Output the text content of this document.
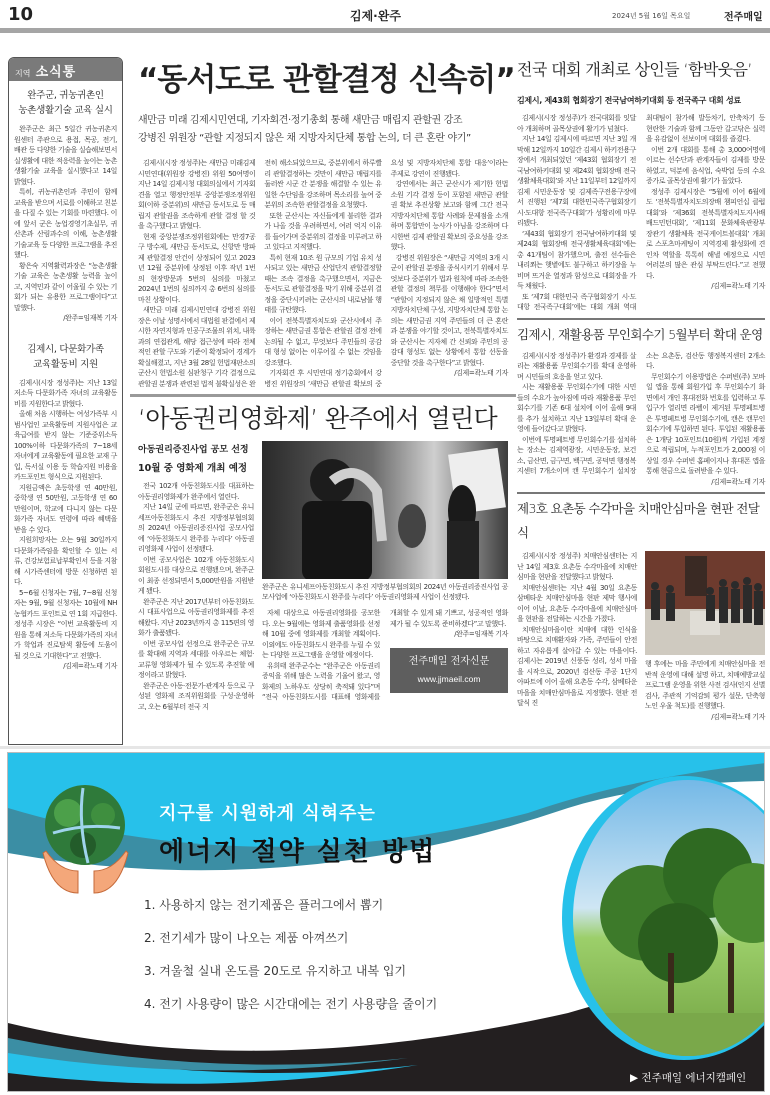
10	김제·완주	2024년 5월 16일 목요일	전주매일
지역 소식통
완주군, 귀농귀촌인
농촌생활기술 교육 실시

완주군은 최근 5일간 귀농귀촌지원센터 주관으로 용접, 목공, 전기, 배관 등 다양한 기술을 실습해보면서 실생활에 대한 적응력을 높이는 농촌생활기술 교육을 실시했다고 14일 밝혔다.

특히, 귀농귀촌인과 주민이 함께 교육을 받으며 서로를 이해하고 친분을 다질 수 있는 기회를 마련했다. 이에 앞서 군은 농업경영기초실무, 귀산촌과 산림과수의 이해, 농촌생활 기술교육 등 다양한 프로그램을 추진했다.

황은숙 지역활력과장은 “농촌생활기술 교육은 농촌생활 능력을 높이고, 지역민과 같이 어울릴 수 있는 기회가 되는 유용한 프로그램이다”고 말했다.

/완주=임재복 기자
김제시, 다문화가족
교육활동비 지원

김제시(시장 정성주)는 지난 13일 저소득 다문화가족 자녀의 교육활동비를 지원한다고 밝혔다.

올해 처음 시행하는 여성가족부 시범사업인 교육활동비 지원사업은 교육급여를 받지 않는 기준중위소득 100%이하 다문화가족의 7~18세 자녀에게 교육활동에 필요한 교재 구입, 독서실 이용 등 학습지원 비용을 카드포인트 형식으로 지원된다.

지원금액은 초등학생 연 40만원, 중학생 연 50만원, 고등학생 연 60만원이며, 학교에 다니지 않는 다문화가족 자녀도 연령에 따라 혜택을 받을 수 있다.

지원희망자는 오는 9월 30일까지 다문화가족임을 확인할 수 있는 서류, 건강보험료납부확인서 등을 지참해 시가족센터에 방문 신청하면 된다.

5~6월 신청자는 7월, 7~8월 신청자는 9월, 9월 신청자는 10월에 NH농협카드 포인트로 연 1회 지급한다. 정성주 시장은 “이번 교육활동비 지원을 통해 저소득 다문화가족의 자녀가 학업과 진로탐색 활동에 도움이 될 것으로 기대한다”고 전했다.

/김제=곽노태 기자
“동서도로 관할결정 신속히”
새만금 미래 김제시민연대, 기자회견·정기총회 통해 새만금 매립지 관할권 강조
강병진 위원장 “관할 지정되지 않은 채 지방자치단체 통합 논의, 더 큰 혼란 야기”

김제시(시장 정성주)는 새만금 미래김제시민연대(위원장 강병진) 위원 50여명이 지난 14일 김제시청 대회의실에서 기자회견을 열고 행정안전부 중앙분쟁조정위원회(이하 중분위)의 새만금 동서도로 등 매립지 관할권을 조속하게 관할 결정 할 것을 촉구했다고 밝혔다.

현재 중앙분쟁조정위원회에는 만경7공구 방수제, 새만금 동서도로, 신항만 방파제 관할결정 안건이 상정되어 있고 2023년 12월 중분위에 상정된 이후 작년 1번의 현장방문과 5번의 심의를 마쳤고 2024년 1번의 심의까지 총 6번의 심의를 마친 상황이다.

새만금 미래 김제시민연대 강병진 위원장은 이날 성명서에서 대법원 판결에서 제시한 자연지형과 인공구조물의 위치, 내륙과의 연접관계, 해당 접근성에 따라 전체적인 관할 구도와 기준이 확정되어 경계가 확실해졌고, 지난 3월 28일 헌법재판소의 군산시 헌법소원 심판청구 기각 결정으로 관할권 분쟁과 관련된 법적 불확실성은 완전히 해소되었으므로, 중분위에서 하루빨리 관할결정하는 것만이 새만금 매립지를 둘러싼 시군 간 분쟁을 해결할 수 있는 유일한 수단임을 강조하며 목소리를 높여 중분위의 조속한 관할결정을 요청했다.

또한 군산시는 자신들에게 불리한 결과가 나올 것을 우려하면서, 여러 억지 이유를 들어가며 중분위의 결정을 미루려고 하고 있다고 지적했다.

특히 현재 10조 원 규모의 기업 유치 성사되고 있는 새만금 산업단지 관할결정할 때는 조속 결정을 촉구했으면서, 지금은 동서도로 관할결정을 막기 위해 중분위 결정을 중단시키려는 군산시의 내로남불 행태를 규탄했다.

이어 전북특별자치도와 군산시에서 주장하는 새만금권 통합은 관할권 결정 전에 논의될 수 없고, 무엇보다 주민들의 공감대 형성 없이는 이루어질 수 없는 것임을 강조했다.

기자회견 후 시민연대 정기총회에서 강병진 위원장의 ‘새만금 관할권 확보의 중요성 및 지방자치단체 통합 대응’이라는 주제로 강연이 진행됐다.

강연에서는 최근 군산시가 제기한 헌법소원 기각 결정 등이 포함된 새만금 관할권 확보 추진상황 보고와 함께 그간 전국 지방자치단체 통합 사례와 문제점을 소개하며 통합만이 능사가 아님을 강조하며 다시한번 김제 관할권 확보의 중요성을 강조했다.

강병진 위원장은 “새만금 지역의 3개 시군이 관할권 분쟁을 종식시키기 위해서 무엇보다 중분위가 법과 원칙에 따라 조속한 관할 결정의 책무를 이행해야 한다”면서 “관할이 지정되지 않은 채 일방적인 특별지방자치단체 구성, 지방자치단체 통합 논의는 새만금권 지역 주민들의 더 큰 혼란과 분쟁을 야기할 것이고, 전북특별자치도와 군산시는 지자체 간 신뢰와 주민의 공감대 형성도 없는 상황에서 통합 선동을 중단할 것을 촉구한다”고 밝혔다.

/김제=곽노태 기자
‘아동권리영화제’ 완주에서 열린다
아동권리증진사업 공모 선정
10월 중 영화제 개최 예정

전국 102개 아동친화도시를 대표하는 아동권리영화제가 완주에서 열린다.

지난 14일 군에 따르면, 완주군은 유니세프아동친화도시 추진 지방정부협의회의 2024년 아동권리증진사업 공모사업에 ‘아동친화도시 완주를 누리다’ 아동권리영화제 사업이 선정됐다.

이번 공모사업은 102개 아동친화도시 회원도시를 대상으로 진행됐으며, 완주군이 최종 선정되면서 5,000만원을 지원받게 됐다.

완주군은 지난 2017년부터 아동친화도시 대표사업으로 아동권리영화제를 추진해왔다. 지난 2023년까지 총 115편의 영화가 출품됐다.

이번 공모사업 선정으로 완주군은 규모를 확대해 지역과 세대를 아우르는 체험·교류형 영화제가 될 수 있도록 추진할 예정이라고 밝혔다.

완주군은 아동·전문가·관계자 등으로 구성된 영화제 조직위원회를 구성·운영하고, 오는 6월부터 전국 지

완주군은 유니세프아동친화도시 추진 지방정부협의회의 2024년 아동권리증진사업 공모사업에 ‘아동친화도시 완주를 누리다’ 아동권리영화제 사업이 선정됐다.

자체 대상으로 아동권리영화를 공모한다. 오는 9월에는 영화제 출품영화를 선정해 10월 중에 영화제를 개최할 계획이다. 이외에도 아동친화도시 완주를 누릴 수 있는 다양한 프로그램을 운영할 예정이다.

유희태 완주군수는 “완주군은 아동권리 증익을 위해 많은 노력을 기울여 왔고, 영화제의 노하우도 상당히 축적돼 있다”며 “전국 아동친화도시를 대표해 영화제를 개최할 수 있게 돼 기쁘고, 성공적인 영화제가 될 수 있도록 준비하겠다”고 말했다.

/완주=임재복 기자
전주매일 전자신문
www.jjmaeil.com
전국 대회 개최로 상인들 ‘함박웃음’
김제시, 제43회 협회장기 전국남여하키대회 등 전국족구 대회 성료

김제시(시장 정성주)가 전국대회를 잇달아 개최하며 골목상권에 활기가 넘쳤다.

지난 14일 김제시에 따르면 지난 3일 개막해 12일까지 10일간 김제시 하키전용구장에서 개최되었던 ‘제43회 협회장기 전국남여하키대회 및 제24회 협회장배 전국생활체육대회’와 지난 11일부터 12일까지 김제 시민운동장 및 김제족구전용구장에서 진행된 ‘제7회 대한민국족구협회장기 시·도대항 전국족구대회’가 성황리에 마무리됐다.

‘제43회 협회장기 전국남여하키대회 및 제24회 협회장배 전국생활체육대회’에는 총 41개팀이 참가했으며, 출전 선수들은 내리쬐는 햇볕에도 불구하고 하키장을 누비며 뜨거운 열정과 함성으로 대회장을 가득 채웠다.

또 ‘제7회 대한민국 족구협회장기 시·도대항 전국족구대회’에는 대회 개최 역대 최대팀이 참가해 발등차기, 안축차기 등 현란한 기술과 함께 그동안 갈고닦은 실력을 유감없이 선보이며 대회를 즐겼다.

이번 2개 대회를 통해 총 3,000여명에 이르는 선수단과 관계자들이 김제를 방문하였고, 덕분에 음식업, 숙박업 등의 수요 증가로 골목상권에 활기가 돌았다.

정성주 김제시장은 “5월에 이어 6월에도 ‘전북특별자치도의장배 챔피언십 클럽대회’와 ‘제36회 전북특별자치도지사배 배드민턴대회’, ‘제11회 문화체육관광부장관기 생활체육 전국게이트볼대회’ 개최로 스포츠마케팅이 지역경제 활성화에 견인차 역할을 톡톡히 해낼 예정으로 시민 여러분의 많은 관심 부탁드린다.”고 전했다.

/김제=곽노태 기자
김제시, 재활용품 무인회수기 5월부터 확대 운영

김제시(시장 정성주)가 환경과 경제를 살리는 재활용품 무인회수기를 확대 운영하며 시민들의 호응을 얻고 있다.

시는 재활용품 무인회수기에 대한 시민들의 수요가 높아짐에 따라 재활용품 무인회수기를 기존 6대 설치에 이어 올해 9대를 추가 설치하고 지난 13일부터 확대 운영에 들어갔다고 밝혔다.

이번에 투명페트병 무인회수기를 설치하는 장소는 김제역광장, 시민운동장, 보건소, 금산면, 금구면, 백구면, 공덕면 행정복지센터 7개소이며 캔 무인회수기 설치장소는 요촌동, 검산동 행정복지센터 2개소다.

무인회수기 이용방법은 수퍼빈(주) 모바일 앱을 통해 회원가입 후 무인회수기 화면에서 개인 휴대전화 번호를 입력하고 투입구가 열리면 라벨이 제거된 투명페트병은 투명페트병 무인회수기에, 캔은 캔무인회수기에 투입하면 된다. 투입된 재활용품은 1개당 10포인트(10원)씩 가입된 계정으로 적립되며, 누적포인트가 2,000점 이상일 경우 수퍼빈 홈페이지나 휴대폰 앱을 통해 현금으로 돌려받을 수 있다.

/김제=곽노태 기자
제3호 요촌동 수각마을 치매안심마을 현판 전달식

김제시(시장 정성주) 치매안심센터는 지난 14일 제3호 요촌동 수각마을에 치매안심마을 현판을 전달했다고 밝혔다.

치매안심센터는 지난 4월 30일 요촌동 삼베타운 치매안심마을 현판 제막 행사에 이어 이날, 요촌동 수각마을에 치매안심마을 현판을 전달하는 시간을 가졌다.

치매안심마을이란 치매에 대한 인식을 바탕으로 치매환자와 가족, 주민들이 안전하고 자유롭게 살아갈 수 있는 마을이다. 김제시는 2019년 신풍동 성리, 성서 마을을 시작으로, 2020년 검산동 주공 1단지 아파트에 이어 올해 요촌동 수각, 삼베타운 마을을 치매안심마을로 지정했다. 현판 전달식 진

행 후에는 마을 주민에게 치매안심마을 전반적 운영에 대해 설명 하고, 치매예방교실 프로그램 운영을 위한 사전 검사(인지 선별검사, 주관적 기억감퇴 평가 설문, 단축형 노인 우울 척도)를 진행했다.

/김제=곽노태 기자
지구를 시원하게 식혀주는
에너지 절약 실천 방법
1. 사용하지 않는 전기제품은 플러그에서 뽑기
2. 전기세가 많이 나오는 제품 아껴쓰기
3. 겨울철 실내 온도를 20도로 유지하고 내복 입기
4. 전기 사용량이 많은 시간대에는 전기 사용량을 줄이기
▶ 전주매일 에너지캠페인
